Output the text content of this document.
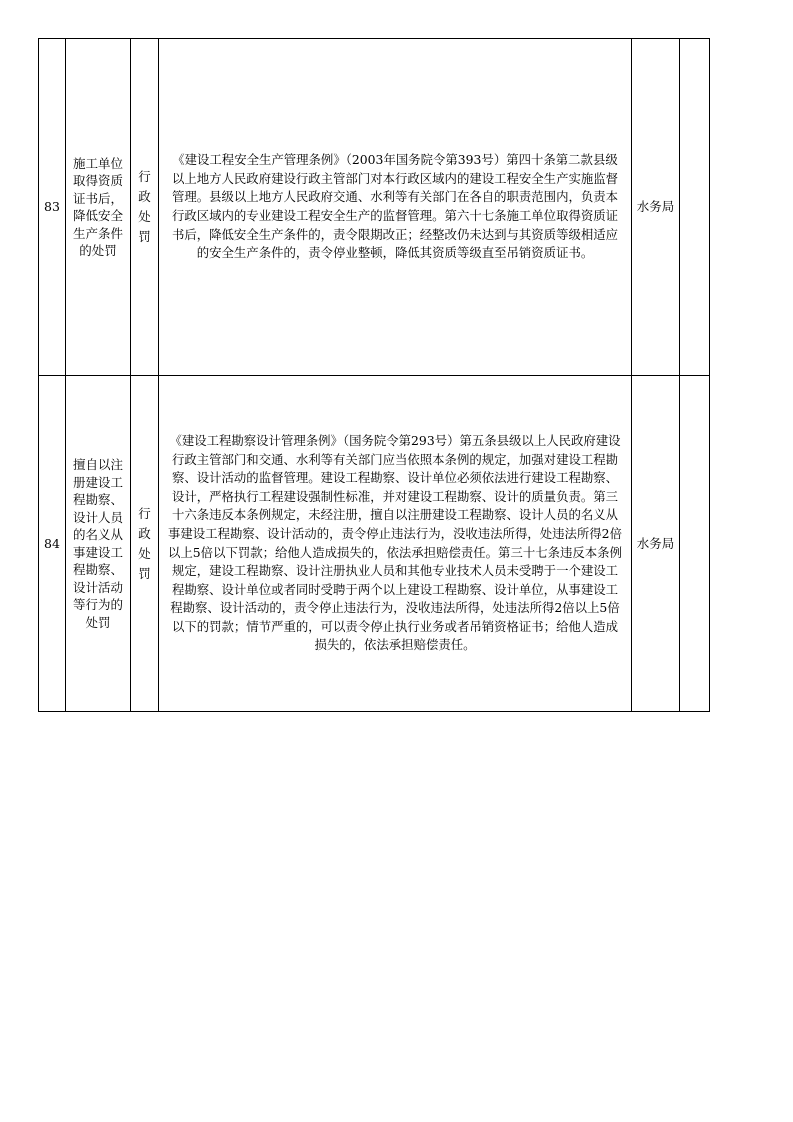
83	施工单位取得资质证书后，降低安全生产条件的处罚	行政处罚	《建设工程安全生产管理条例》（2003年国务院令第393号）第四十条第二款县级以上地方人民政府建设行政主管部门对本行政区域内的建设工程安全生产实施监督管理。县级以上地方人民政府交通、水利等有关部门在各自的职责范围内，负责本行政区域内的专业建设工程安全生产的监督管理。第六十七条施工单位取得资质证书后，降低安全生产条件的，责令限期改正；经整改仍未达到与其资质等级相适应的安全生产条件的，责令停业整顿，降低其资质等级直至吊销资质证书。	水务局	

84	擅自以注册建设工程勘察、设计人员的名义从事建设工程勘察、设计活动等行为的处罚	行政处罚	《建设工程勘察设计管理条例》（国务院令第293号）第五条县级以上人民政府建设行政主管部门和交通、水利等有关部门应当依照本条例的规定，加强对建设工程勘察、设计活动的监督管理。建设工程勘察、设计单位必须依法进行建设工程勘察、设计，严格执行工程建设强制性标准，并对建设工程勘察、设计的质量负责。第三十六条违反本条例规定，未经注册，擅自以注册建设工程勘察、设计人员的名义从事建设工程勘察、设计活动的，责令停止违法行为，没收违法所得，处违法所得2倍以上5倍以下罚款；给他人造成损失的，依法承担赔偿责任。第三十七条违反本条例规定，建设工程勘察、设计注册执业人员和其他专业技术人员未受聘于一个建设工程勘察、设计单位或者同时受聘于两个以上建设工程勘察、设计单位，从事建设工程勘察、设计活动的，责令停止违法行为，没收违法所得，处违法所得2倍以上5倍以下的罚款；情节严重的，可以责令停止执行业务或者吊销资格证书；给他人造成损失的，依法承担赔偿责任。	水务局	
